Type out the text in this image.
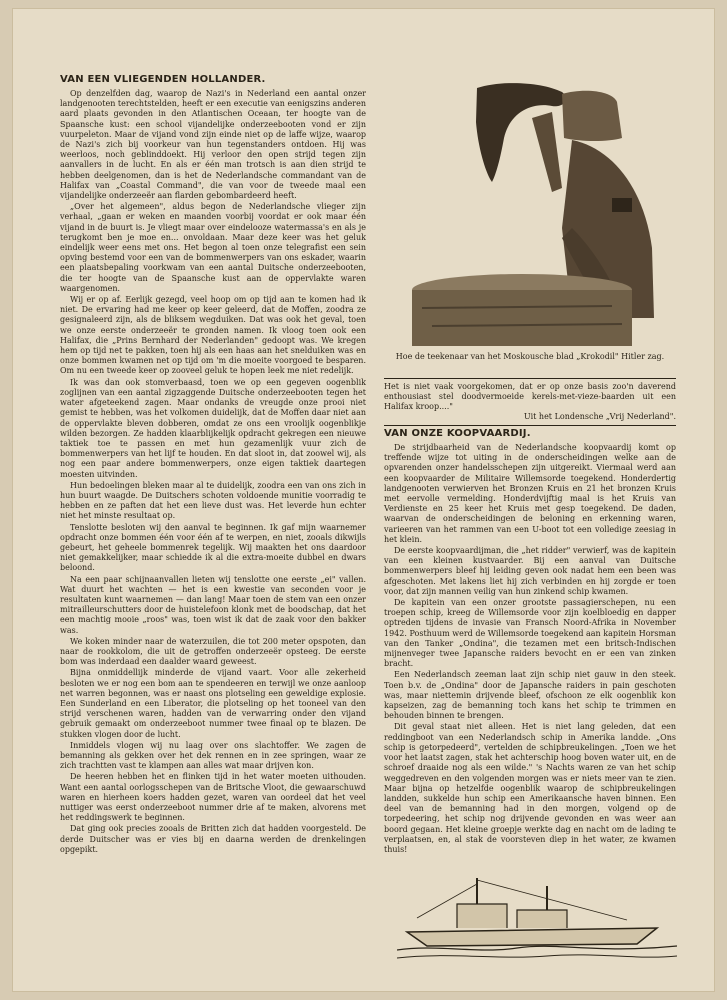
VAN EEN VLIEGENDEN HOLLANDER.

Op denzelfden dag, waarop de Nazi's in Nederland een aantal onzer landgenooten terechtstelden, heeft er een executie van eenigszins anderen aard plaats gevonden in den Atlantischen Oceaan, ter hoogte van de Spaansche kust: een school vijandelijke onderzeebooten vond er zijn vuurpeleton. Maar de vijand vond zijn einde niet op de laffe wijze, waarop de Nazi's zich bij voorkeur van hun tegenstanders ontdoen. Hij was weerloos, noch geblinddoekt. Hij verloor den open strijd tegen zijn aanvallers in de lucht. En als er één man trotsch is aan dien strijd te hebben deelgenomen, dan is het de Nederlandsche commandant van de Halifax van „Coastal Command", die van voor de tweede maal een vijandelijke onderzeeër aan flarden gebombardeerd heeft.

„Over het algemeen", aldus begon de Nederlandsche vlieger zijn verhaal, „gaan er weken en maanden voorbij voordat er ook maar één vijand in de buurt is. Je vliegt maar over eindelooze watermassa's en als je terugkomt ben je moe en... onvoldaan. Maar deze keer was het geluk eindelijk weer eens met ons. Het begon al toen onze telegrafist een sein opving bestemd voor een van de bommenwerpers van ons eskader, waarin een plaatsbepaling voorkwam van een aantal Duitsche onderzeebooten, die ter hoogte van de Spaansche kust aan de oppervlakte waren waargenomen.

Wij er op af. Eerlijk gezegd, veel hoop om op tijd aan te komen had ik niet. De ervaring had me keer op keer geleerd, dat de Moffen, zoodra ze gesignaleerd zijn, als de bliksem wegduiken. Dat was ook het geval, toen we onze eerste onderzeeër te gronden namen. Ik vloog toen ook een Halifax, die „Prins Bernhard der Nederlanden" gedoopt was. We kregen hem op tijd net te pakken, toen hij als een haas aan het snelduiken was en onze bommen kwamen net op tijd om 'm die moeite voorgoed te besparen. Om nu een tweede keer op zooveel geluk te hopen leek me niet redelijk.

Ik was dan ook stomverbaasd, toen we op een gegeven oogenblik zoglijnen van een aantal zigzaggende Duitsche onderzeebooten tegen het water afgeteekend zagen. Maar ondanks de vreugde onze prooi niet gemist te hebben, was het volkomen duidelijk, dat de Moffen daar niet aan de oppervlakte bleven dobberen, omdat ze ons een vroolijk oogenblikje wilden bezorgen. Ze hadden klaarblijkelijk opdracht gekregen een nieuwe taktiek toe te passen en met hun gezamenlijk vuur zich de bommenwerpers van het lijf te houden. En dat sloot in, dat zoowel wij, als nog een paar andere bommenwerpers, onze eigen taktiek daartegen moesten uitvinden.

Hun bedoelingen bleken maar al te duidelijk, zoodra een van ons zich in hun buurt waagde. De Duitschers schoten voldoende munitie voorradig te hebben en ze paften dat het een lieve dust was. Het leverde hun echter niet het minste resultaat op.

Tenslotte besloten wij den aanval te beginnen. Ik gaf mijn waarnemer opdracht onze bommen één voor één af te werpen, en niet, zooals dikwijls gebeurt, het geheele bommenrek tegelijk. Wij maakten het ons daardoor niet gemakkelijker, maar schiedde ik al die extra-moeite dubbel en dwars beloond.

Na een paar schijnaanvallen lieten wij tenslotte one eerste „ei" vallen. Wat duurt het wachten — het is een kwestie van seconden voor je resultaten kunt waarnemen — dan lang! Maar toen de stem van een onzer mitrailleurschutters door de huistelefoon klonk met de boodschap, dat het een machtig mooie „roos" was, toen wist ik dat de zaak voor den bakker was.

We koken minder naar de waterzuilen, die tot 200 meter opspoten, dan naar de rookkolom, die uit de getroffen onderzeeër opsteeg. De eerste bom was inderdaad een daalder waard geweest.

Bijna onmiddellijk minderde de vijand vaart. Voor alle zekerheid besloten we er nog een bom aan te spendeeren en terwijl we onze aanloop net warren begonnen, was er naast ons plotseling een geweldige explosie. Een Sunderland en een Liberator, die plotseling op het tooneel van den strijd verschenen waren, hadden van de verwarring onder den vijand gebruik gemaakt om onderzeeboot nummer twee finaal op te blazen. De stukken vlogen door de lucht.

Inmiddels vlogen wij nu laag over ons slachtoffer. We zagen de bemanning als gekken over het dek rennen en in zee springen, waar ze zich trachtten vast te klampen aan alles wat maar drijven kon.

De heeren hebben het en flinken tijd in het water moeten uithouden. Want een aantal oorlogsschepen van de Britsche Vloot, die gewaarschuwd waren en hierheen koers hadden gezet, waren van oordeel dat het veel nuttiger was eerst onderzeeboot nummer drie af te maken, alvorens met het reddingswerk te beginnen.

Dat ging ook precies zooals de Britten zich dat hadden voorgesteld. De derde Duitscher was er vies bij en daarna werden de drenkelingen opgepikt.

Hoe de teekenaar van het Moskousche blad „Krokodil" Hitler zag.
Het is niet vaak voorgekomen, dat er op onze basis zoo'n daverend enthousiast stel doodvermoeide kerels-met-vieze-baarden uit een Halifax kroop...."
Uit het Londensche „Vrij Nederland".
VAN ONZE KOOPVAARDIJ.

De strijdbaarheid van de Nederlandsche koopvaardij komt op treffende wijze tot uiting in de onderscheidingen welke aan de opvarenden onzer handelsschepen zijn uitgereikt. Viermaal werd aan een koopvaarder de Militaire Willemsorde toegekend. Honderdertig landgenooten verwierven het Bronzen Kruis en 21 het bronzen Kruis met eervolle vermelding. Honderdvijftig maal is het Kruis van Verdienste en 25 keer het Kruis met gesp toegekend. De daden, waarvan de onderscheidingen de beloning en erkenning waren, varieeren van het rammen van een U-boot tot een volledige zeesiag in het klein.

De eerste koopvaardijman, die „het ridder" verwierf, was de kapitein van een kleinen kustvaarder. Bij een aanval van Duitsche bommenwerpers bleef hij leiding geven ook nadat hem een been was afgeschoten. Met lakens liet hij zich verbinden en hij zorgde er toen voor, dat zijn mannen veilig van hun zinkend schip kwamen.

De kapitein van een onzer grootste passagierschepen, nu een troepen schip, kreeg de Willemsorde voor zijn koelbloedig en dapper optreden tijdens de invasie van Fransch Noord-Afrika in November 1942. Posthuum werd de Willemsorde toegekend aan kapitein Horsman van den Tanker „Ondina", die tezamen met een britsch-Indischen mijnenveger twee Japansche raiders bevocht en er een van zinken bracht.

Een Nederlandsch zeeman laat zijn schip niet gauw in den steek. Toen b.v. de „Ondina" door de Japansche raiders in pain geschoten was, maar niettemin drijvende bleef, ofschoon ze elk oogenblik kon kapseizen, zag de bemanning toch kans het schip te trimmen en behouden binnen te brengen.

Dit geval staat niet alleen. Het is niet lang geleden, dat een reddingboot van een Nederlandsch schip in Amerika landde. „Ons schip is getorpedeerd", vertelden de schipbreukelingen. „Toen we het voor het laatst zagen, stak het achterschip hoog boven water uit, en de schroef draaide nog als een wilde." 's Nachts waren ze van het schip weggedreven en den volgenden morgen was er niets meer van te zien. Maar bijna op hetzelfde oogenblik waarop de schipbreukelingen landden, sukkelde hun schip een Amerikaansche haven binnen. Een deel van de bemanning had in den morgen, volgend op de torpedeering, het schip nog drijvende gevonden en was weer aan boord gegaan. Het kleine groepje werkte dag en nacht om de lading te verplaatsen, en, al stak de voorsteven diep in het water, ze kwamen thuis!
